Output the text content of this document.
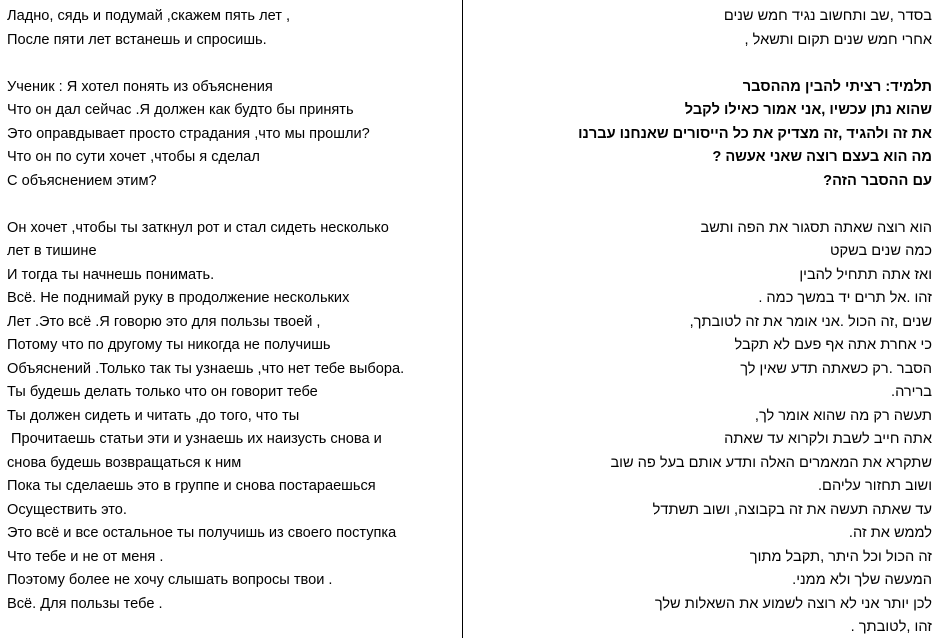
Ладно, сядь и подумай ,скажем пять лет ,
После пяти лет встанешь и спросишь.
Ученик : Я хотел понять из объяснения
Что он дал сейчас .Я должен как будто бы принять
Это оправдывает просто страдания ,что мы прошли?
Что он по сути хочет ,чтобы я сделал
С объяснением этим?
Он хочет ,чтобы ты заткнул рот и стал сидеть несколько
лет в тишине
И тогда ты начнешь понимать.
Всё. Не поднимай руку в продолжение нескольких
Лет .Это всё .Я говорю это для пользы твоей ,
Потому что по другому ты никогда не получишь
Объяснений .Только так ты узнаешь ,что нет тебе выбора.
Ты будешь делать только что он говорит тебе
Ты должен сидеть и читать ,до того, что ты
Прочитаешь статьи эти и узнаешь их наизусть снова и
снова будешь возвращаться к ним
Пока ты сделаешь это в группе и снова постараешься
Осуществить это.
Это всё и все остальное ты получишь из своего поступка
Что тебе и не от меня .
Поэтому более не хочу слышать вопросы твои .
Всё. Для пользы тебе .
בסדר ,שב ותחשוב נגיד חמש שנים
אחרי חמש שנים תקום ותשאל ,
תלמיד: רציתי להבין מההסבר
שהוא נתן עכשיו ,אני אמור כאילו לקבל
את זה ולהגיד ,זה מצדיק את כל הייסורים שאנחנו עברנו
מה הוא בעצם רוצה שאני אעשה ?
עם ההסבר הזה?
הוא רוצה שאתה תסגור את הפה ותשב
כמה שנים בשקט
ואז אתה תתחיל להבין
זהו .אל תרים יד במשך כמה .
שנים ,זה הכול .אני אומר את זה לטובתך,
כי אחרת אתה אף פעם לא תקבל
הסבר .רק כשאתה תדע שאין לך
ברירה.
תעשה רק מה שהוא אומר לך,
אתה חייב לשבת ולקרוא עד שאתה
שתקרא את המאמרים האלה ותדע אותם בעל פה שוב
ושוב תחזור עליהם.
עד שאתה תעשה את זה בקבוצה, ושוב תשתדל
לממש את זה.
זה הכול וכל היתר ,תקבל מתוך
המעשה שלך ולא ממני.
לכן יותר אני לא רוצה לשמוע את השאלות שלך
זהו ,לטובתך .
